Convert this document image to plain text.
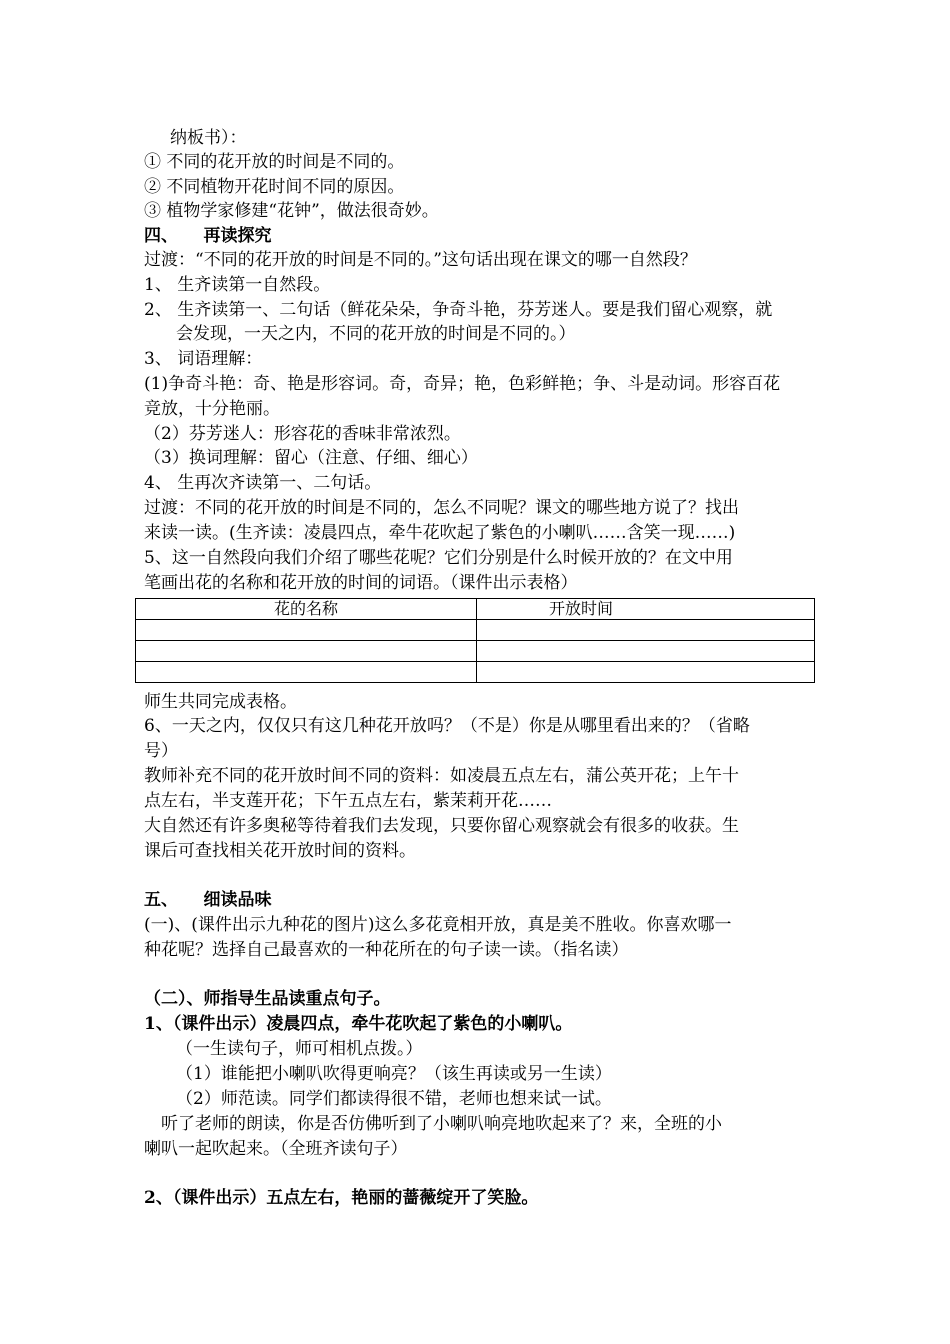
纳板书）：
① 不同的花开放的时间是不同的。
② 不同植物开花时间不同的原因。
③ 植物学家修建“花钟”，做法很奇妙。
四、　　再读探究
过渡：“不同的花开放的时间是不同的。”这句话出现在课文的哪一自然段？
1、 生齐读第一自然段。
2、 生齐读第一、二句话（鲜花朵朵，争奇斗艳，芬芳迷人。要是我们留心观察，就
会发现，一天之内，不同的花开放的时间是不同的。）
3、 词语理解：
(1)争奇斗艳：奇、艳是形容词。奇，奇异；艳，色彩鲜艳；争、斗是动词。形容百花
竞放，十分艳丽。
（2）芬芳迷人：形容花的香味非常浓烈。
（3）换词理解：留心（注意、仔细、细心）
4、 生再次齐读第一、二句话。
过渡：不同的花开放的时间是不同的，怎么不同呢？课文的哪些地方说了？找出
来读一读。(生齐读：凌晨四点，牵牛花吹起了紫色的小喇叭……含笑一现……)
5、这一自然段向我们介绍了哪些花呢？它们分别是什么时候开放的？在文中用
笔画出花的名称和花开放的时间的词语。（课件出示表格）
花的名称	开放时间

师生共同完成表格。
6、一天之内，仅仅只有这几种花开放吗？（不是）你是从哪里看出来的？（省略
号）
教师补充不同的花开放时间不同的资料：如凌晨五点左右，蒲公英开花；上午十
点左右，半支莲开花；下午五点左右，紫茉莉开花……
大自然还有许多奥秘等待着我们去发现，只要你留心观察就会有很多的收获。生
课后可查找相关花开放时间的资料。
五、　　细读品味
(一)、(课件出示九种花的图片)这么多花竟相开放，真是美不胜收。你喜欢哪一
种花呢？选择自己最喜欢的一种花所在的句子读一读。（指名读）
（二）、师指导生品读重点句子。
1、（课件出示）凌晨四点，牵牛花吹起了紫色的小喇叭。
（一生读句子，师可相机点拨。）
（1）谁能把小喇叭吹得更响亮？（该生再读或另一生读）
（2）师范读。同学们都读得很不错，老师也想来试一试。
　听了老师的朗读，你是否仿佛听到了小喇叭响亮地吹起来了？来，全班的小
喇叭一起吹起来。（全班齐读句子）
2、（课件出示）五点左右，艳丽的蔷薇绽开了笑脸。
